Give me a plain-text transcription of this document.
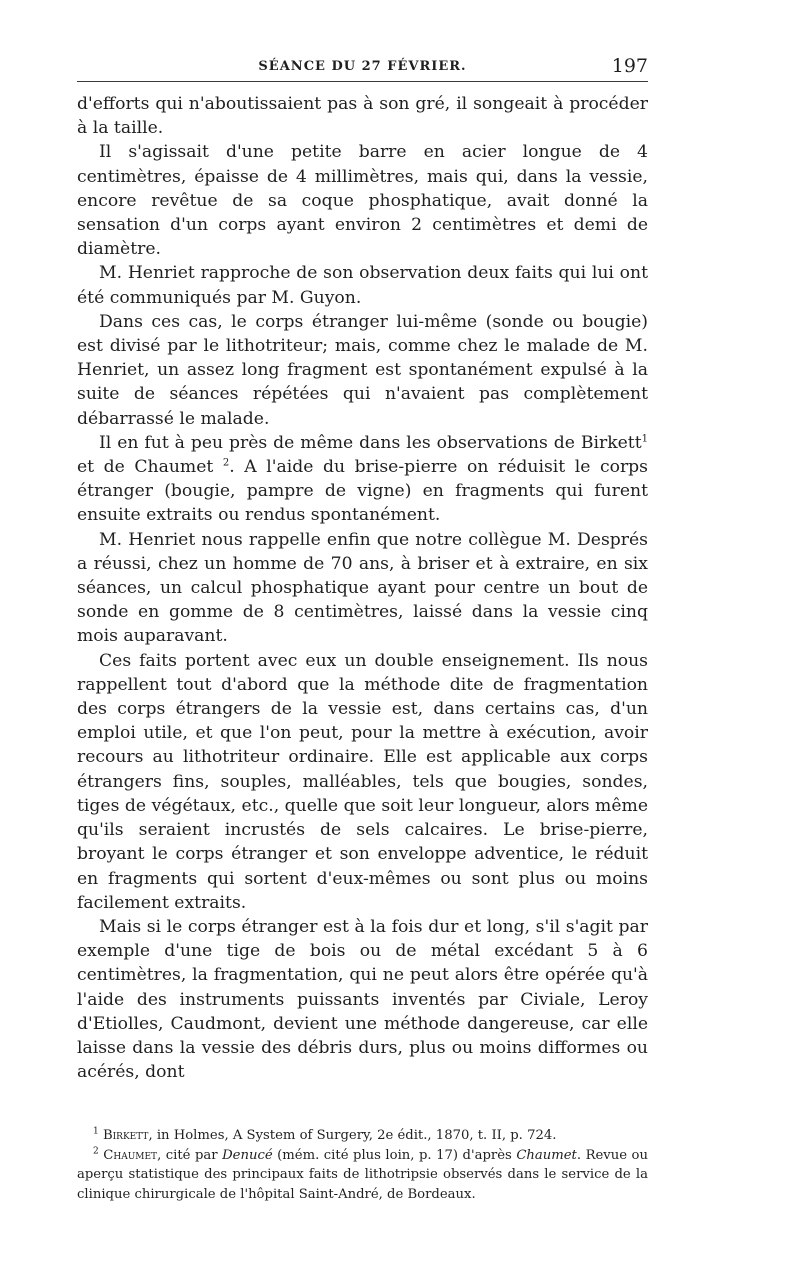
SÉANCE DU 27 FÉVRIER.	197

d'efforts qui n'aboutissaient pas à son gré, il songeait à procéder à la taille.

Il s'agissait d'une petite barre en acier longue de 4 centimètres, épaisse de 4 millimètres, mais qui, dans la vessie, encore revêtue de sa coque phosphatique, avait donné la sensation d'un corps ayant environ 2 centimètres et demi de diamètre.

M. Henriet rapproche de son observation deux faits qui lui ont été communiqués par M. Guyon.

Dans ces cas, le corps étranger lui-même (sonde ou bougie) est divisé par le lithotriteur; mais, comme chez le malade de M. Henriet, un assez long fragment est spontanément expulsé à la suite de séances répétées qui n'avaient pas complètement débarrassé le malade.

Il en fut à peu près de même dans les observations de Birkett$^1$ et de Chaumet $^2$. A l'aide du brise-pierre on réduisit le corps étranger (bougie, pampre de vigne) en fragments qui furent ensuite extraits ou rendus spontanément.

M. Henriet nous rappelle enfin que notre collègue M. Després a réussi, chez un homme de 70 ans, à briser et à extraire, en six séances, un calcul phosphatique ayant pour centre un bout de sonde en gomme de 8 centimètres, laissé dans la vessie cinq mois auparavant.

Ces faits portent avec eux un double enseignement. Ils nous rappellent tout d'abord que la méthode dite de fragmentation des corps étrangers de la vessie est, dans certains cas, d'un emploi utile, et que l'on peut, pour la mettre à exécution, avoir recours au lithotriteur ordinaire. Elle est applicable aux corps étrangers fins, souples, malléables, tels que bougies, sondes, tiges de végétaux, etc., quelle que soit leur longueur, alors même qu'ils seraient incrustés de sels calcaires. Le brise-pierre, broyant le corps étranger et son enveloppe adventice, le réduit en fragments qui sortent d'eux-mêmes ou sont plus ou moins facilement extraits.

Mais si le corps étranger est à la fois dur et long, s'il s'agit par exemple d'une tige de bois ou de métal excédant 5 à 6 centimètres, la fragmentation, qui ne peut alors être opérée qu'à l'aide des instruments puissants inventés par Civiale, Leroy d'Etiolles, Caudmont, devient une méthode dangereuse, car elle laisse dans la vessie des débris durs, plus ou moins difformes ou acérés, dont

$^1$ Birkett, in Holmes, A System of Surgery, 2e édit., 1870, t. II, p. 724.

$^2$ Chaumet, cité par Denucé (mém. cité plus loin, p. 17) d'après Chaumet. Revue ou aperçu statistique des principaux faits de lithotripsie observés dans le service de la clinique chirurgicale de l'hôpital Saint-André, de Bordeaux.
